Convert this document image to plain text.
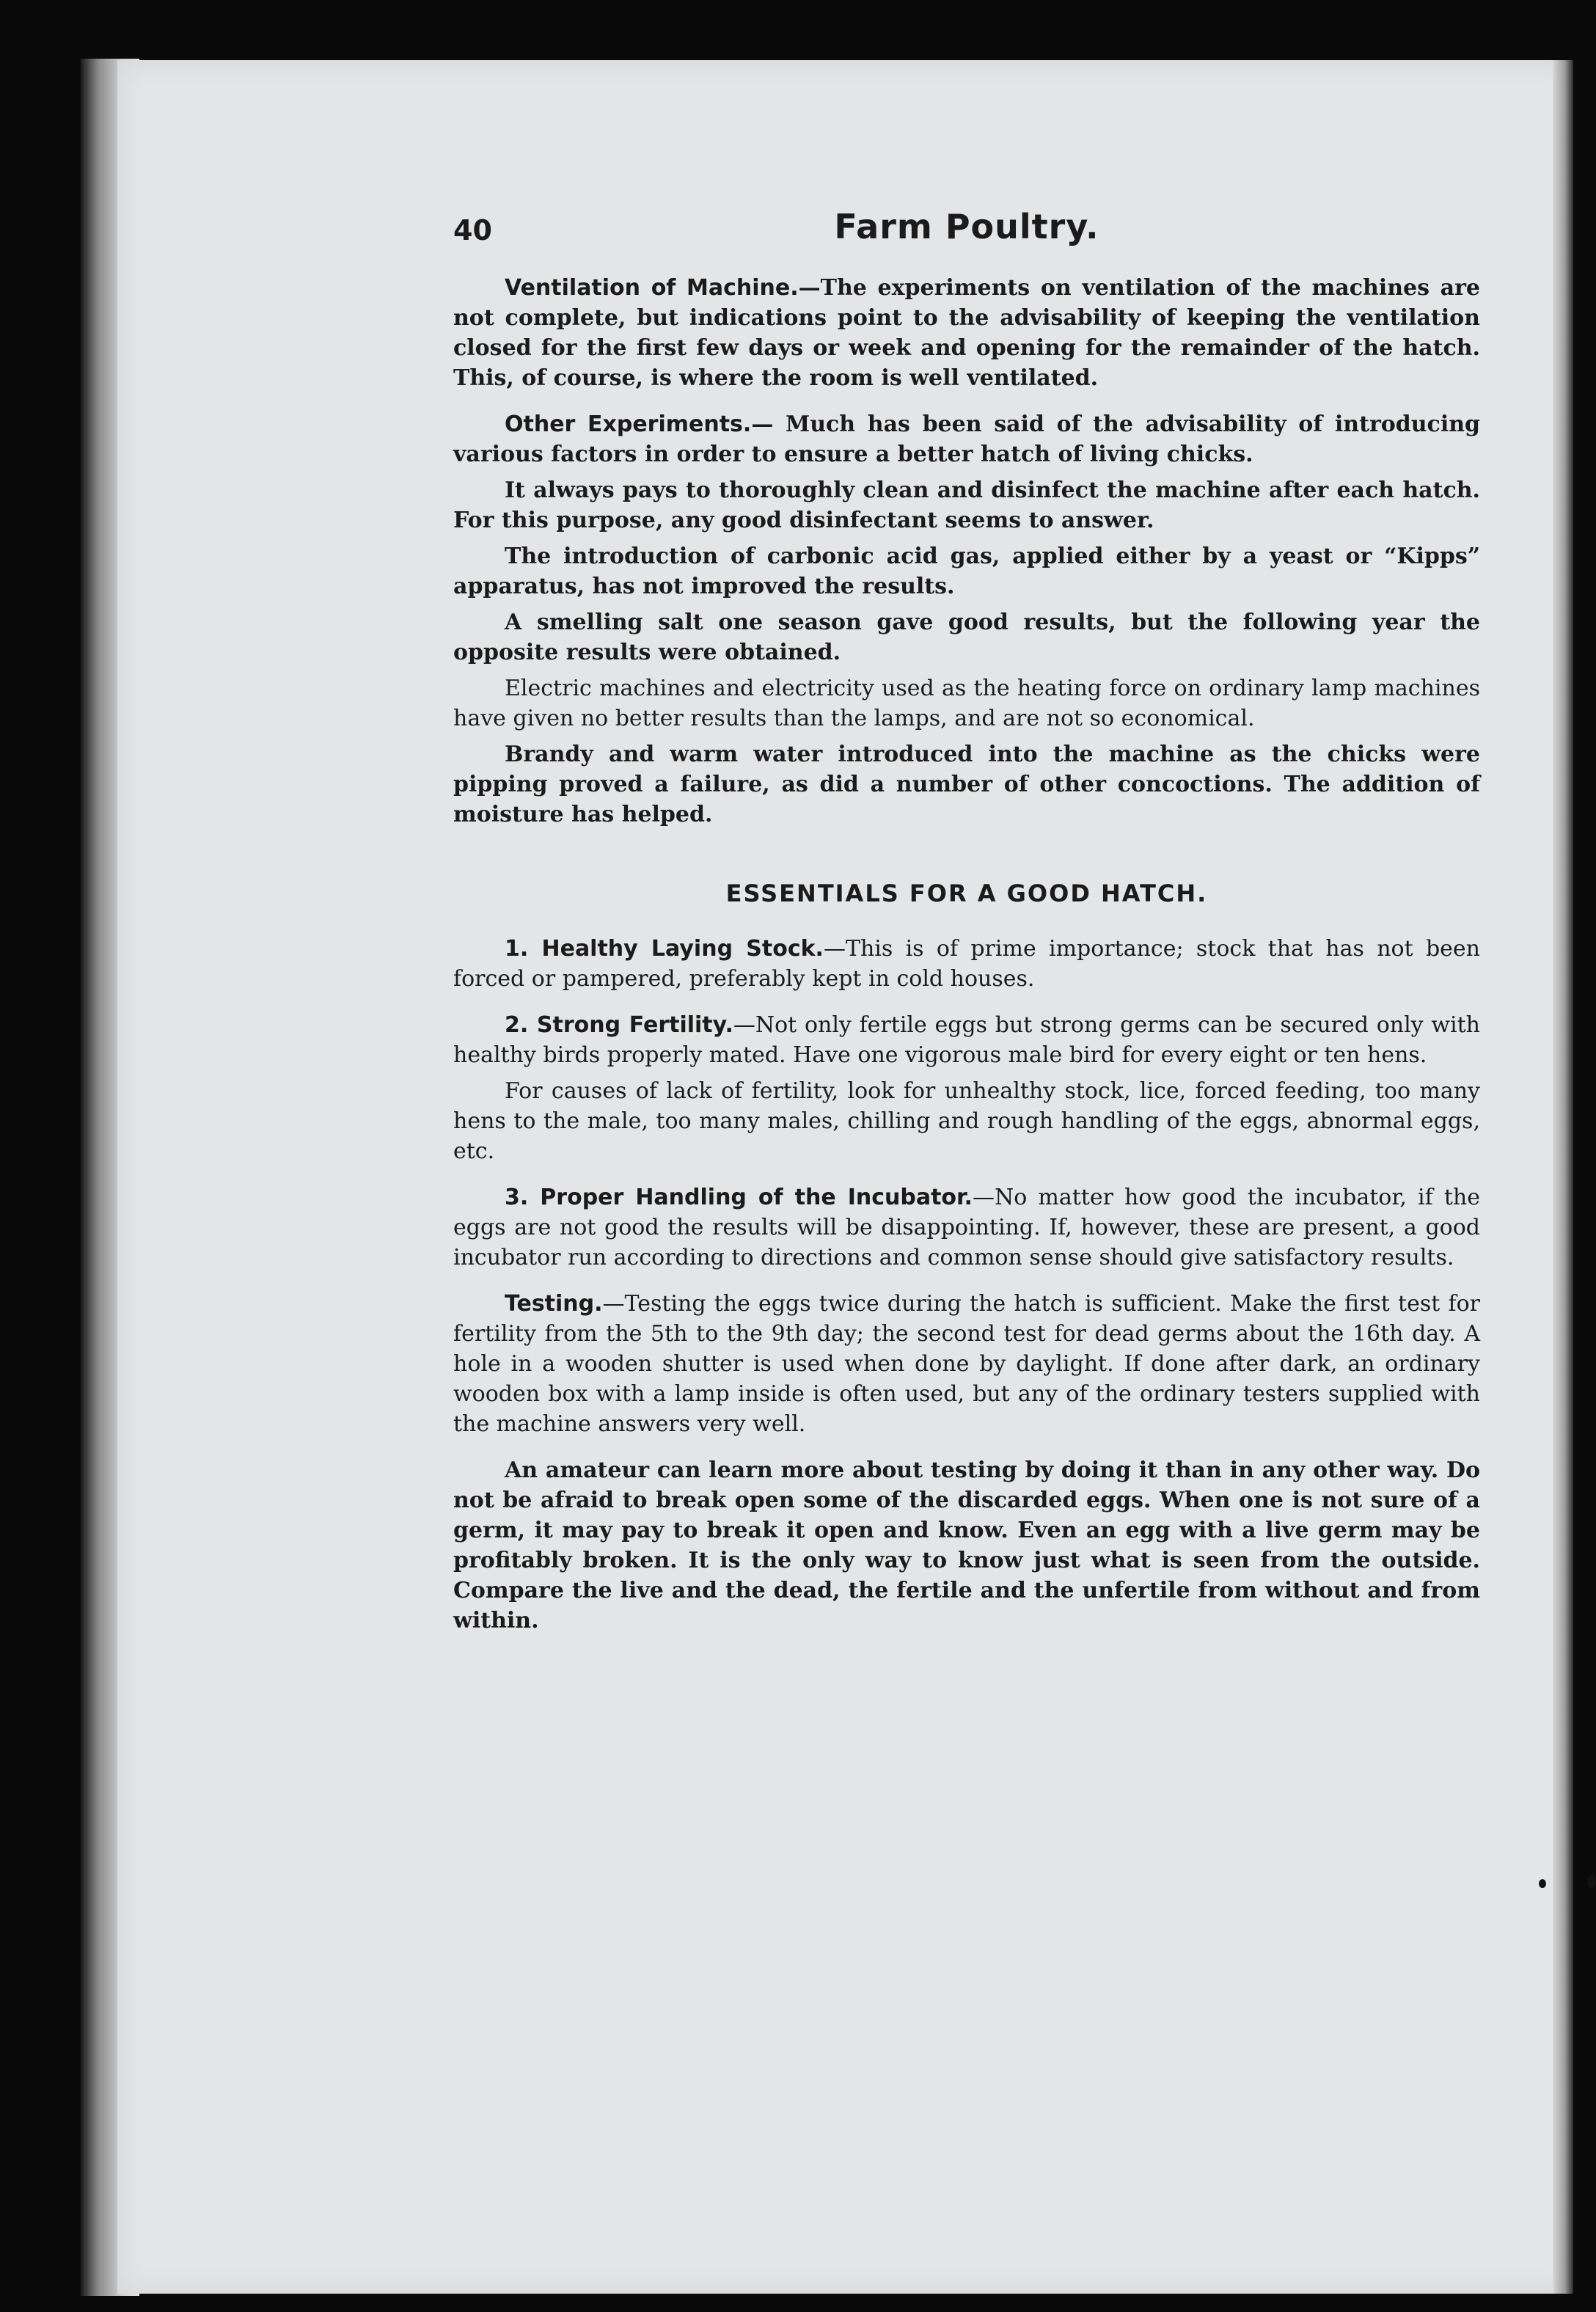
40	Farm Poultry.

Ventilation of Machine.—The experiments on ventilation of the machines are not complete, but indications point to the advisability of keeping the ventilation closed for the first few days or week and opening for the remainder of the hatch. This, of course, is where the room is well ventilated.

Other Experiments.— Much has been said of the advisability of introducing various factors in order to ensure a better hatch of living chicks.

It always pays to thoroughly clean and disinfect the machine after each hatch. For this purpose, any good disinfectant seems to answer.

The introduction of carbonic acid gas, applied either by a yeast or “Kipps” apparatus, has not improved the results.

A smelling salt one season gave good results, but the following year the opposite results were obtained.

Electric machines and electricity used as the heating force on ordinary lamp machines have given no better results than the lamps, and are not so economical.

Brandy and warm water introduced into the machine as the chicks were pipping proved a failure, as did a number of other concoctions. The addition of moisture has helped.

ESSENTIALS FOR A GOOD HATCH.

1. Healthy Laying Stock.—This is of prime importance; stock that has not been forced or pampered, preferably kept in cold houses.

2. Strong Fertility.—Not only fertile eggs but strong germs can be secured only with healthy birds properly mated. Have one vigorous male bird for every eight or ten hens.

For causes of lack of fertility, look for unhealthy stock, lice, forced feeding, too many hens to the male, too many males, chilling and rough handling of the eggs, abnormal eggs, etc.

3. Proper Handling of the Incubator.—No matter how good the incubator, if the eggs are not good the results will be disappointing. If, however, these are present, a good incubator run according to directions and common sense should give satisfactory results.

Testing.—Testing the eggs twice during the hatch is sufficient. Make the first test for fertility from the 5th to the 9th day; the second test for dead germs about the 16th day. A hole in a wooden shutter is used when done by daylight. If done after dark, an ordinary wooden box with a lamp inside is often used, but any of the ordinary testers supplied with the machine answers very well.

An amateur can learn more about testing by doing it than in any other way. Do not be afraid to break open some of the discarded eggs. When one is not sure of a germ, it may pay to break it open and know. Even an egg with a live germ may be profitably broken. It is the only way to know just what is seen from the outside. Compare the live and the dead, the fertile and the unfertile from without and from within.
